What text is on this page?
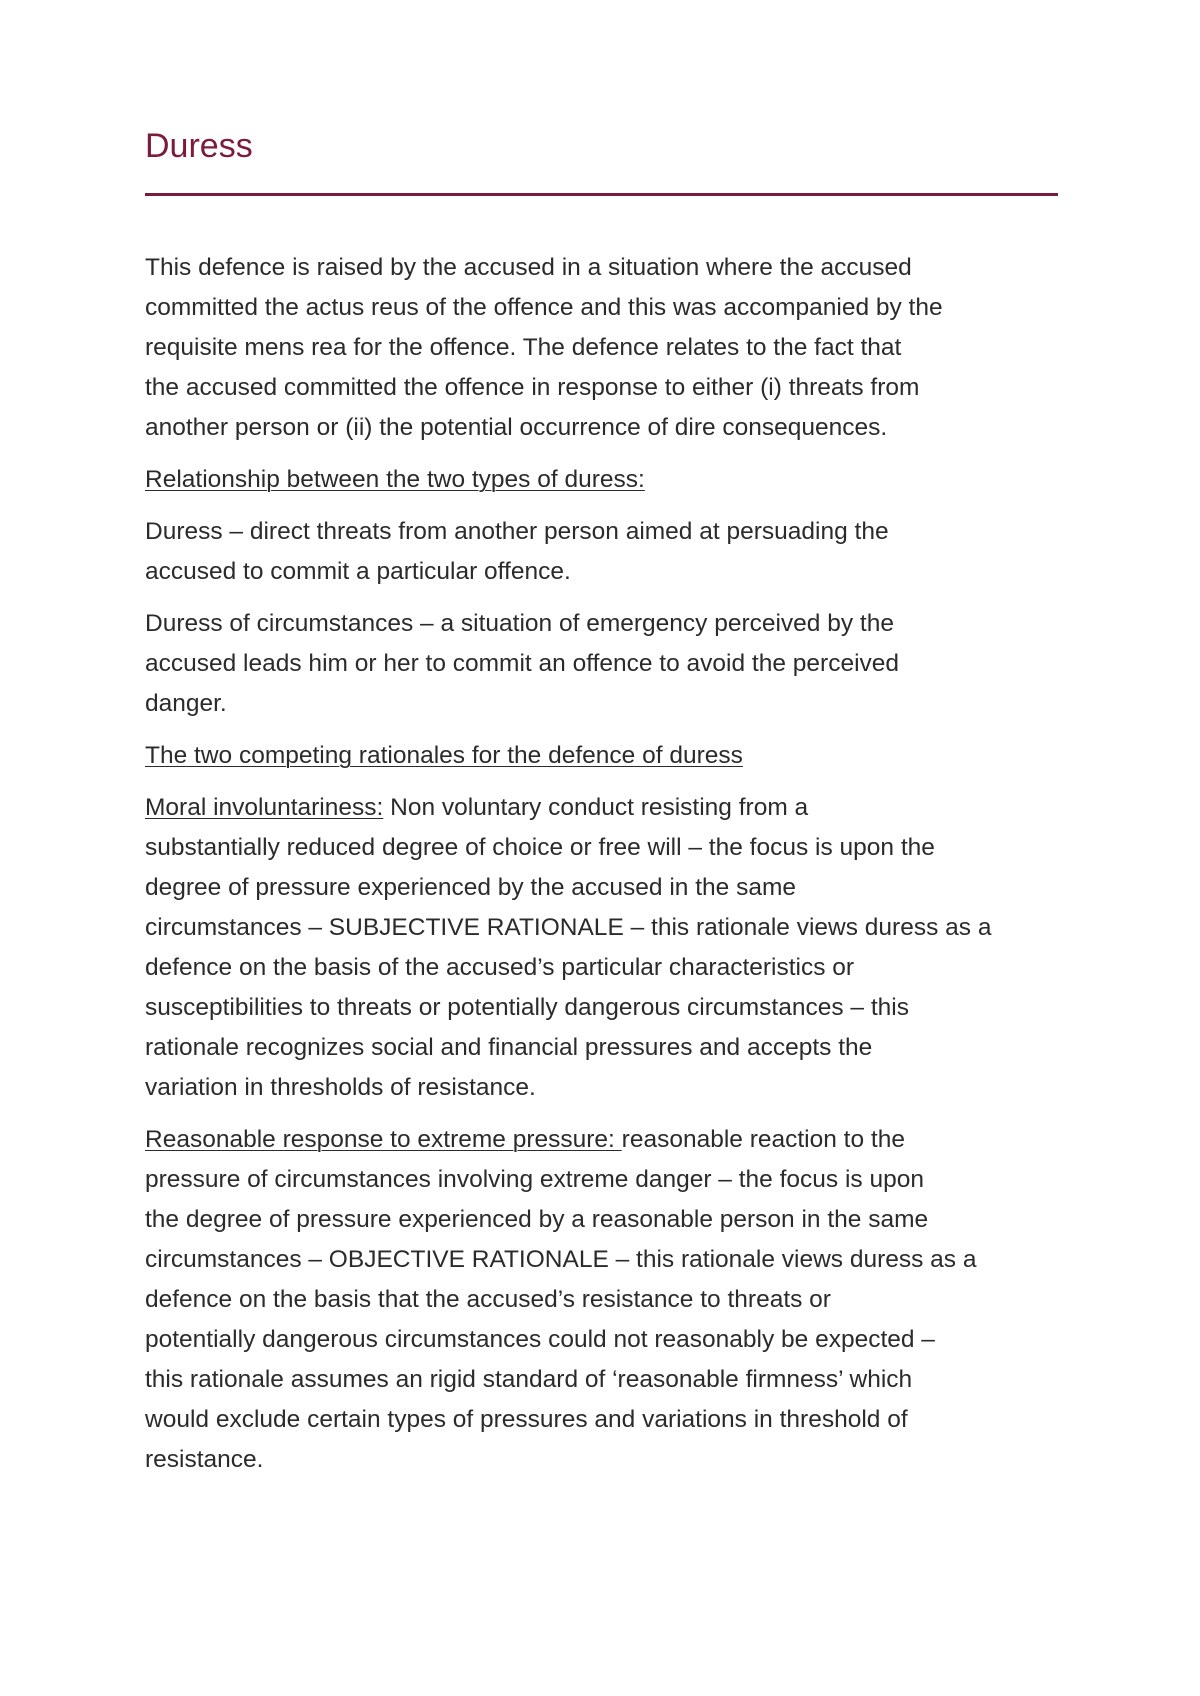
Duress

This defence is raised by the accused in a situation where the accused
committed the actus reus of the offence and this was accompanied by the
requisite mens rea for the offence. The defence relates to the fact that
the accused committed the offence in response to either (i) threats from
another person or (ii) the potential occurrence of dire consequences.

Relationship between the two types of duress:

Duress – direct threats from another person aimed at persuading the
accused to commit a particular offence.

Duress of circumstances – a situation of emergency perceived by the
accused leads him or her to commit an offence to avoid the perceived
danger.

The two competing rationales for the defence of duress

Moral involuntariness: Non voluntary conduct resisting from a
substantially reduced degree of choice or free will – the focus is upon the
degree of pressure experienced by the accused in the same
circumstances – SUBJECTIVE RATIONALE – this rationale views duress as a
defence on the basis of the accused’s particular characteristics or
susceptibilities to threats or potentially dangerous circumstances – this
rationale recognizes social and financial pressures and accepts the
variation in thresholds of resistance.

Reasonable response to extreme pressure: reasonable reaction to the
pressure of circumstances involving extreme danger – the focus is upon
the degree of pressure experienced by a reasonable person in the same
circumstances – OBJECTIVE RATIONALE – this rationale views duress as a
defence on the basis that the accused’s resistance to threats or
potentially dangerous circumstances could not reasonably be expected –
this rationale assumes an rigid standard of ‘reasonable firmness’ which
would exclude certain types of pressures and variations in threshold of
resistance.
